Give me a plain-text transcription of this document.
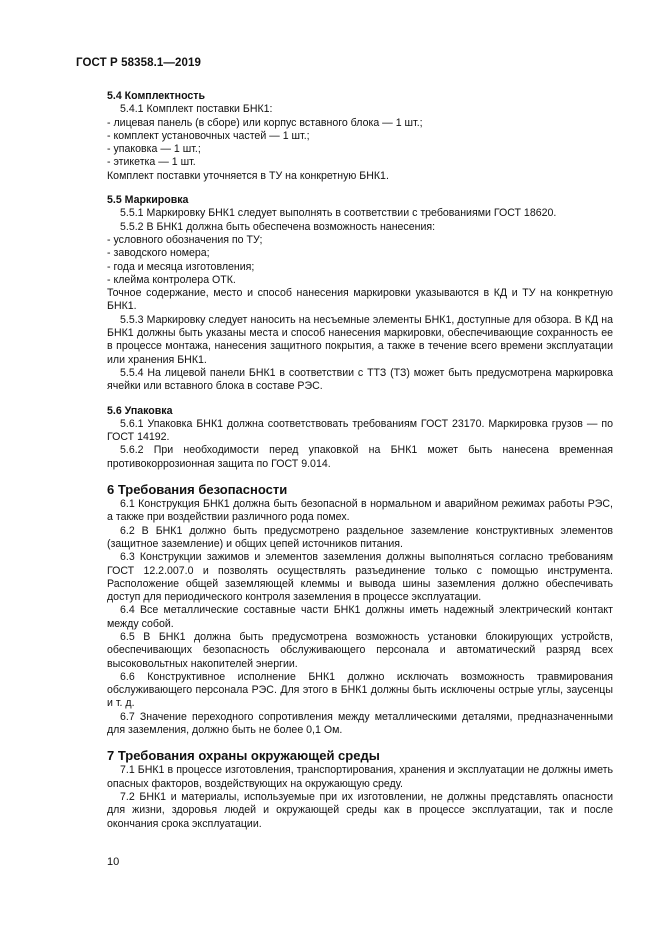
ГОСТ Р 58358.1—2019

5.4 Комплектность

5.4.1 Комплект поставки БНК1:

- лицевая панель (в сборе) или корпус вставного блока — 1 шт.;

- комплект установочных частей — 1 шт.;

- упаковка — 1 шт.;

- этикетка — 1 шт.

Комплект поставки уточняется в ТУ на конкретную БНК1.

5.5 Маркировка

5.5.1 Маркировку БНК1 следует выполнять в соответствии с требованиями ГОСТ 18620.

5.5.2 В БНК1 должна быть обеспечена возможность нанесения:

- условного обозначения по ТУ;

- заводского номера;

- года и месяца изготовления;

- клейма контролера ОТК.

Точное содержание, место и способ нанесения маркировки указываются в КД и ТУ на конкретную БНК1.

5.5.3 Маркировку следует наносить на несъемные элементы БНК1, доступные для обзора. В КД на БНК1 должны быть указаны места и способ нанесения маркировки, обеспечивающие сохранность ее в процессе монтажа, нанесения защитного покрытия, а также в течение всего времени эксплуатации или хранения БНК1.

5.5.4 На лицевой панели БНК1 в соответствии с ТТЗ (ТЗ) может быть предусмотрена маркировка ячейки или вставного блока в составе РЭС.

5.6 Упаковка

5.6.1 Упаковка БНК1 должна соответствовать требованиям ГОСТ 23170. Маркировка грузов — по ГОСТ 14192.

5.6.2 При необходимости перед упаковкой на БНК1 может быть нанесена временная противокоррозионная защита по ГОСТ 9.014.

6 Требования безопасности

6.1 Конструкция БНК1 должна быть безопасной в нормальном и аварийном режимах работы РЭС, а также при воздействии различного рода помех.

6.2 В БНК1 должно быть предусмотрено раздельное заземление конструктивных элементов (защитное заземление) и общих цепей источников питания.

6.3 Конструкции зажимов и элементов заземления должны выполняться согласно требованиям ГОСТ 12.2.007.0 и позволять осуществлять разъединение только с помощью инструмента. Расположение общей заземляющей клеммы и вывода шины заземления должно обеспечивать доступ для периодического контроля заземления в процессе эксплуатации.

6.4 Все металлические составные части БНК1 должны иметь надежный электрический контакт между собой.

6.5 В БНК1 должна быть предусмотрена возможность установки блокирующих устройств, обеспечивающих безопасность обслуживающего персонала и автоматический разряд всех высоковольтных накопителей энергии.

6.6 Конструктивное исполнение БНК1 должно исключать возможность травмирования обслуживающего персонала РЭС. Для этого в БНК1 должны быть исключены острые углы, заусенцы и т. д.

6.7 Значение переходного сопротивления между металлическими деталями, предназначенными для заземления, должно быть не более 0,1 Ом.

7 Требования охраны окружающей среды

7.1 БНК1 в процессе изготовления, транспортирования, хранения и эксплуатации не должны иметь опасных факторов, воздействующих на окружающую среду.

7.2 БНК1 и материалы, используемые при их изготовлении, не должны представлять опасности для жизни, здоровья людей и окружающей среды как в процессе эксплуатации, так и после окончания срока эксплуатации.

10
